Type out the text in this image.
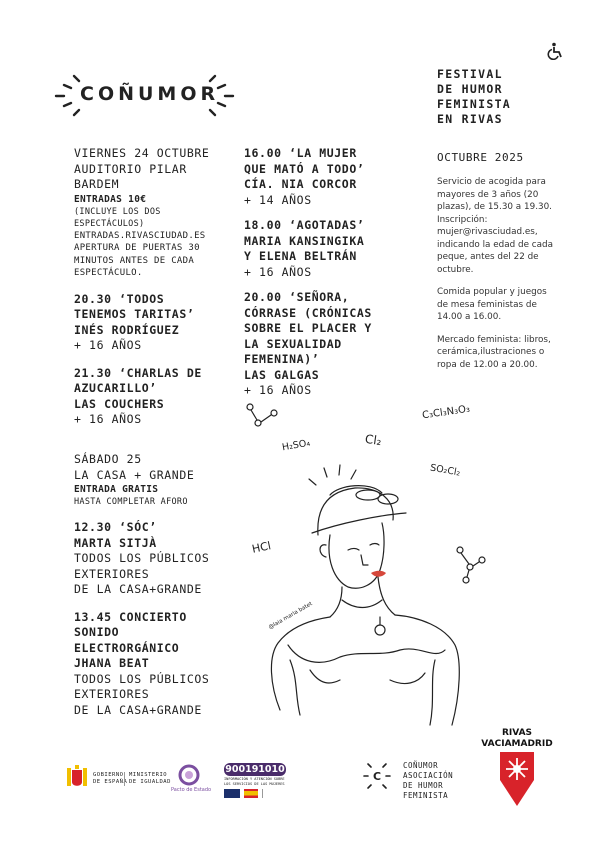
COÑUMOR
FESTIVAL
DE HUMOR
FEMINISTA
EN RIVAS
OCTUBRE 2025
VIERNES 24 OCTUBRE
AUDITORIO PILAR
BARDEM
ENTRADAS 10€
(INCLUYE LOS DOS
ESPECTÁCULOS)
ENTRADAS.RIVASCIUDAD.ES
APERTURA DE PUERTAS 30
MINUTOS ANTES DE CADA
ESPECTÁCULO.
20.30 ‘TODOS
TENEMOS TARITAS’
INÉS RODRÍGUEZ
+ 16 AÑOS
21.30 ‘CHARLAS DE
AZUCARILLO’
LAS COUCHERS
+ 16 AÑOS
SÁBADO 25
LA CASA + GRANDE
ENTRADA GRATIS
HASTA COMPLETAR AFORO
12.30 ‘SÓC’
MARTA SITJÀ
TODOS LOS PÚBLICOS
EXTERIORES
DE LA CASA+GRANDE
13.45 CONCIERTO
SONIDO
ELECTRORGÁNICO
JHANA BEAT
TODOS LOS PÚBLICOS
EXTERIORES
DE LA CASA+GRANDE
16.00 ‘LA MUJER
QUE MATÓ A TODO’
CÍA. NIA CORCOR
+ 14 AÑOS
18.00 ‘AGOTADAS’
MARIA KANSINGIKA
Y ELENA BELTRÁN
+ 16 AÑOS
20.00 ‘SEÑORA,
CÓRRASE (CRÓNICAS
SOBRE EL PLACER Y
LA SEXUALIDAD
FEMENINA)’
LAS GALGAS
+ 16 AÑOS

Servicio de acogida para
mayores de 3 años (20
plazas), de 15.30 a 19.30.
Inscripción:
mujer@rivasciudad.es,
indicando la edad de cada
peque, antes del 22 de
octubre.

Comida popular y juegos
de mesa feministas de
14.00 a 16.00.

Mercado feminista: libros,
cerámica,ilustraciones o
ropa de 12.00 a 20.00.

C₃Cl₃N₃O₃
Cl₂
H₂SO₄
SO₂Cl₂
HCl
@laia maria batet
GOBIERNO
DE ESPAÑA
MINISTERIO
DE IGUALDAD
Pacto de Estado
900191010
INFORMACIÓN Y ATENCIÓN SOBRE
LOS SERVICIOS DE LAS MUJERES
C
COÑUMOR
ASOCIACIÓN
DE HUMOR
FEMINISTA
RIVAS
VACIAMADRID
